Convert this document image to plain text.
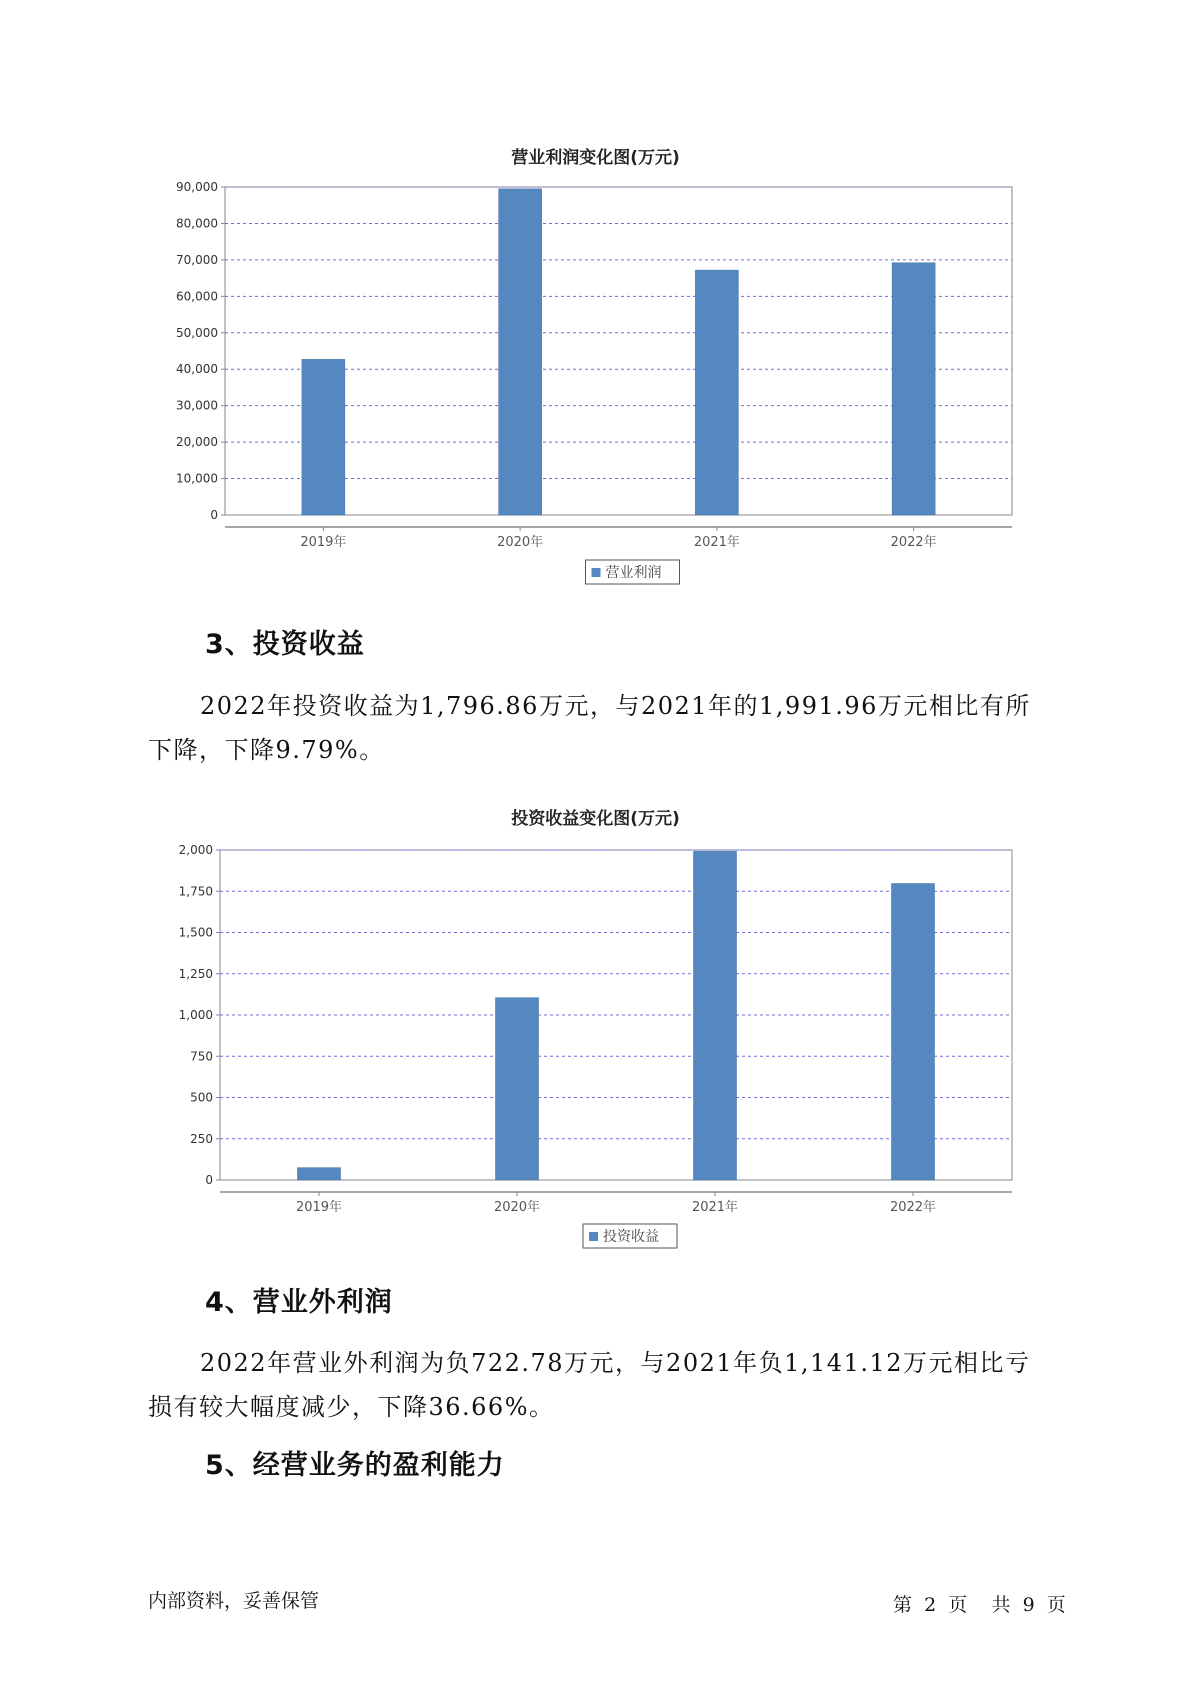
营业利润变化图(万元)
0
10,000
20,000
30,000
40,000
50,000
60,000
70,000
80,000
90,000
2019年	2020年	2021年	2022年
营业利润
3、投资收益
2022年投资收益为1,796.86万元，与2021年的1,991.96万元相比有所
下降，下降9.79%。
投资收益变化图(万元)
0
250
500
750
1,000
1,250
1,500
1,750
2,000
2019年	2020年	2021年	2022年
投资收益
4、营业外利润
2022年营业外利润为负722.78万元，与2021年负1,141.12万元相比亏
损有较大幅度减少，下降36.66%。
5、经营业务的盈利能力
内部资料，妥善保管	第 2 页 共 9 页
